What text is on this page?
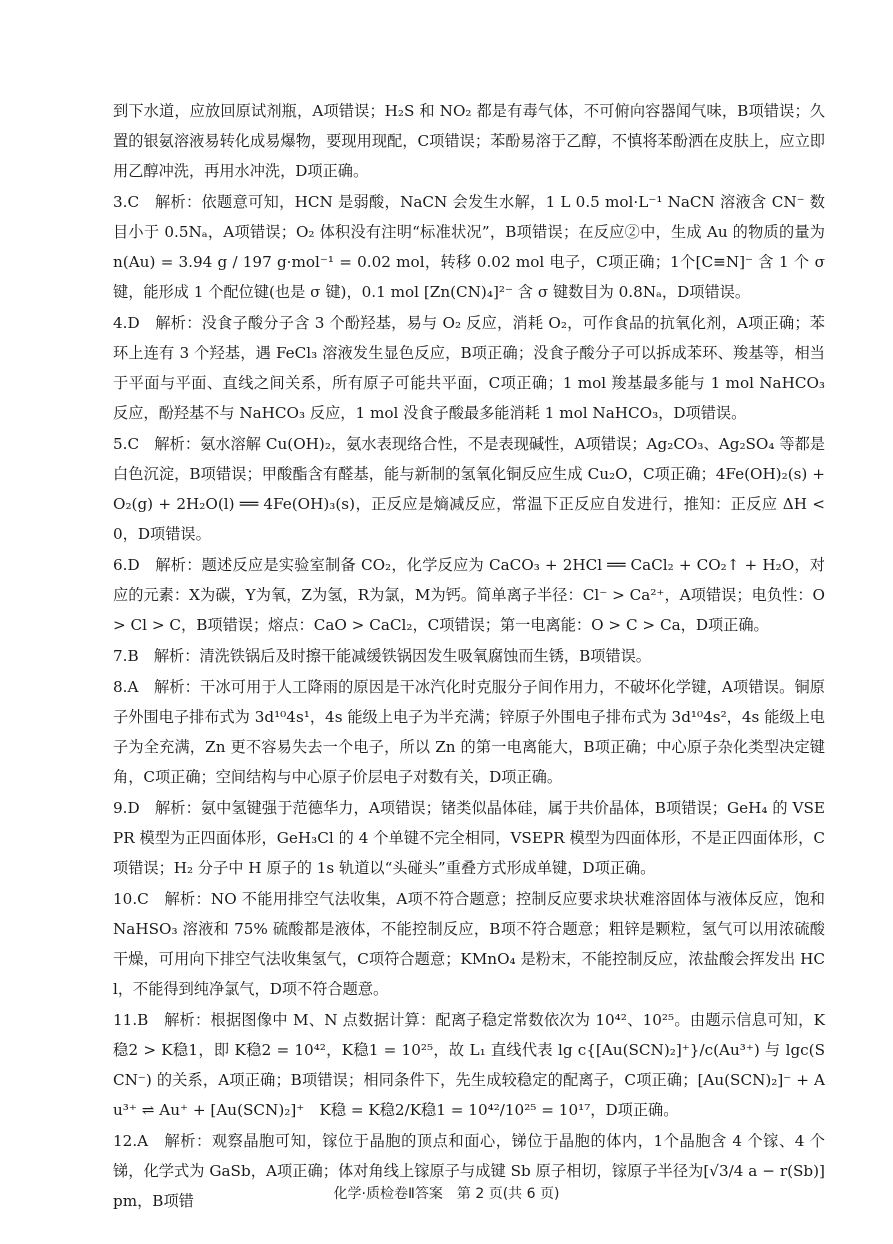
到下水道，应放回原试剂瓶，A项错误；H₂S 和 NO₂ 都是有毒气体，不可俯向容器闻气味，B项错误；久置的银氨溶液易转化成易爆物，要现用现配，C项错误；苯酚易溶于乙醇，不慎将苯酚洒在皮肤上，应立即用乙醇冲洗，再用水冲洗，D项正确。

3.C　解析：依题意可知，HCN 是弱酸，NaCN 会发生水解，1 L 0.5 mol·L⁻¹ NaCN 溶液含 CN⁻ 数目小于 0.5Nₐ，A项错误；O₂ 体积没有注明“标准状况”，B项错误；在反应②中，生成 Au 的物质的量为 n(Au) = 3.94 g / 197 g·mol⁻¹ = 0.02 mol，转移 0.02 mol 电子，C项正确；1个[C≡N]⁻ 含 1 个 σ 键，能形成 1 个配位键(也是 σ 键)，0.1 mol [Zn(CN)₄]²⁻ 含 σ 键数目为 0.8Nₐ，D项错误。

4.D　解析：没食子酸分子含 3 个酚羟基，易与 O₂ 反应，消耗 O₂，可作食品的抗氧化剂，A项正确；苯环上连有 3 个羟基，遇 FeCl₃ 溶液发生显色反应，B项正确；没食子酸分子可以拆成苯环、羧基等，相当于平面与平面、直线之间关系，所有原子可能共平面，C项正确；1 mol 羧基最多能与 1 mol NaHCO₃ 反应，酚羟基不与 NaHCO₃ 反应，1 mol 没食子酸最多能消耗 1 mol NaHCO₃，D项错误。

5.C　解析：氨水溶解 Cu(OH)₂，氨水表现络合性，不是表现碱性，A项错误；Ag₂CO₃、Ag₂SO₄ 等都是白色沉淀，B项错误；甲酸酯含有醛基，能与新制的氢氧化铜反应生成 Cu₂O，C项正确；4Fe(OH)₂(s) + O₂(g) + 2H₂O(l) ══ 4Fe(OH)₃(s)，正反应是熵减反应，常温下正反应自发进行，推知：正反应 ΔH < 0，D项错误。

6.D　解析：题述反应是实验室制备 CO₂，化学反应为 CaCO₃ + 2HCl ══ CaCl₂ + CO₂↑ + H₂O，对应的元素：X为碳，Y为氧，Z为氢，R为氯，M为钙。简单离子半径：Cl⁻ > Ca²⁺，A项错误；电负性：O > Cl > C，B项错误；熔点：CaO > CaCl₂，C项错误；第一电离能：O > C > Ca，D项正确。

7.B　解析：清洗铁锅后及时擦干能减缓铁锅因发生吸氧腐蚀而生锈，B项错误。

8.A　解析：干冰可用于人工降雨的原因是干冰汽化时克服分子间作用力，不破坏化学键，A项错误。铜原子外围电子排布式为 3d¹⁰4s¹，4s 能级上电子为半充满；锌原子外围电子排布式为 3d¹⁰4s²，4s 能级上电子为全充满，Zn 更不容易失去一个电子，所以 Zn 的第一电离能大，B项正确；中心原子杂化类型决定键角，C项正确；空间结构与中心原子价层电子对数有关，D项正确。

9.D　解析：氨中氢键强于范德华力，A项错误；锗类似晶体硅，属于共价晶体，B项错误；GeH₄ 的 VSEPR 模型为正四面体形，GeH₃Cl 的 4 个单键不完全相同，VSEPR 模型为四面体形，不是正四面体形，C项错误；H₂ 分子中 H 原子的 1s 轨道以“头碰头”重叠方式形成单键，D项正确。

10.C　解析：NO 不能用排空气法收集，A项不符合题意；控制反应要求块状难溶固体与液体反应，饱和 NaHSO₃ 溶液和 75% 硫酸都是液体，不能控制反应，B项不符合题意；粗锌是颗粒，氢气可以用浓硫酸干燥，可用向下排空气法收集氢气，C项符合题意；KMnO₄ 是粉末，不能控制反应，浓盐酸会挥发出 HCl，不能得到纯净氯气，D项不符合题意。

11.B　解析：根据图像中 M、N 点数据计算：配离子稳定常数依次为 10⁴²、10²⁵。由题示信息可知，K稳2 > K稳1，即 K稳2 = 10⁴²，K稳1 = 10²⁵，故 L₁ 直线代表 lg c{[Au(SCN)₂]⁺}/c(Au³⁺) 与 lgc(SCN⁻) 的关系，A项正确；B项错误；相同条件下，先生成较稳定的配离子，C项正确；[Au(SCN)₂]⁻ + Au³⁺ ⇌ Au⁺ + [Au(SCN)₂]⁺　K稳 = K稳2/K稳1 = 10⁴²/10²⁵ = 10¹⁷，D项正确。

12.A　解析：观察晶胞可知，镓位于晶胞的顶点和面心，锑位于晶胞的体内，1个晶胞含 4 个镓、4 个锑，化学式为 GaSb，A项正确；体对角线上镓原子与成键 Sb 原子相切，镓原子半径为[√3/4 a − r(Sb)]pm，B项错	化学·质检卷Ⅱ答案　第 2 页(共 6 页)
